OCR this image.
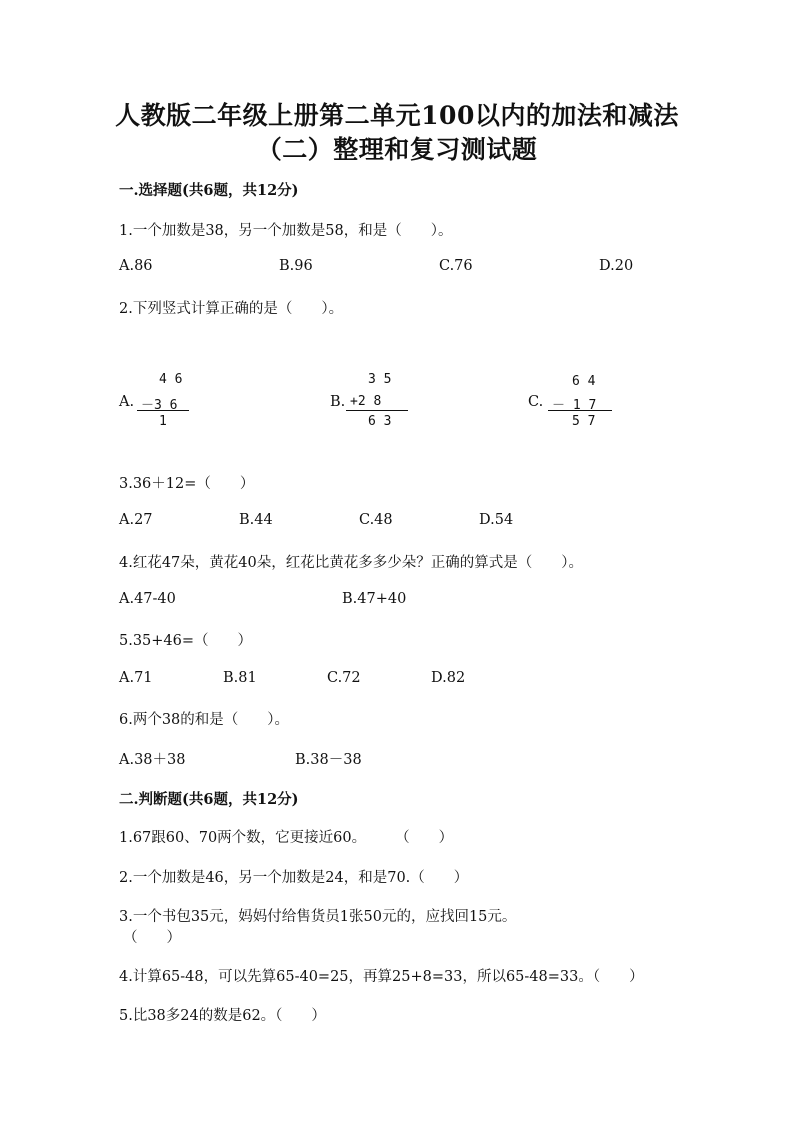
人教版二年级上册第二单元100以内的加法和减法
（二）整理和复习测试题
一.选择题(共6题，共12分)
1.一个加数是38，另一个加数是58，和是（　　）。
A.86	B.96	C.76	D.20
2.下列竖式计算正确的是（　　）。
A.
4 6
－3 6
1
B.
3 5
+2 8
6 3
C.
6 4
－ 1 7
5 7
3.36＋12=（　　）
A.27	B.44	C.48	D.54
4.红花47朵，黄花40朵，红花比黄花多多少朵？正确的算式是（　　）。
A.47-40	B.47+40
5.35+46=（　　）
A.71	B.81	C.72	D.82
6.两个38的和是（　　）。
A.38＋38	B.38－38
二.判断题(共6题，共12分)
1.67跟60、70两个数，它更接近60。　　　（　　）
2.一个加数是46，另一个加数是24，和是70.（　　）
3.一个书包35元，妈妈付给售货员1张50元的，应找回15元。
（　　）
4.计算65-48，可以先算65-40=25，再算25+8=33，所以65-48=33。（　　）
5.比38多24的数是62。（　　）
